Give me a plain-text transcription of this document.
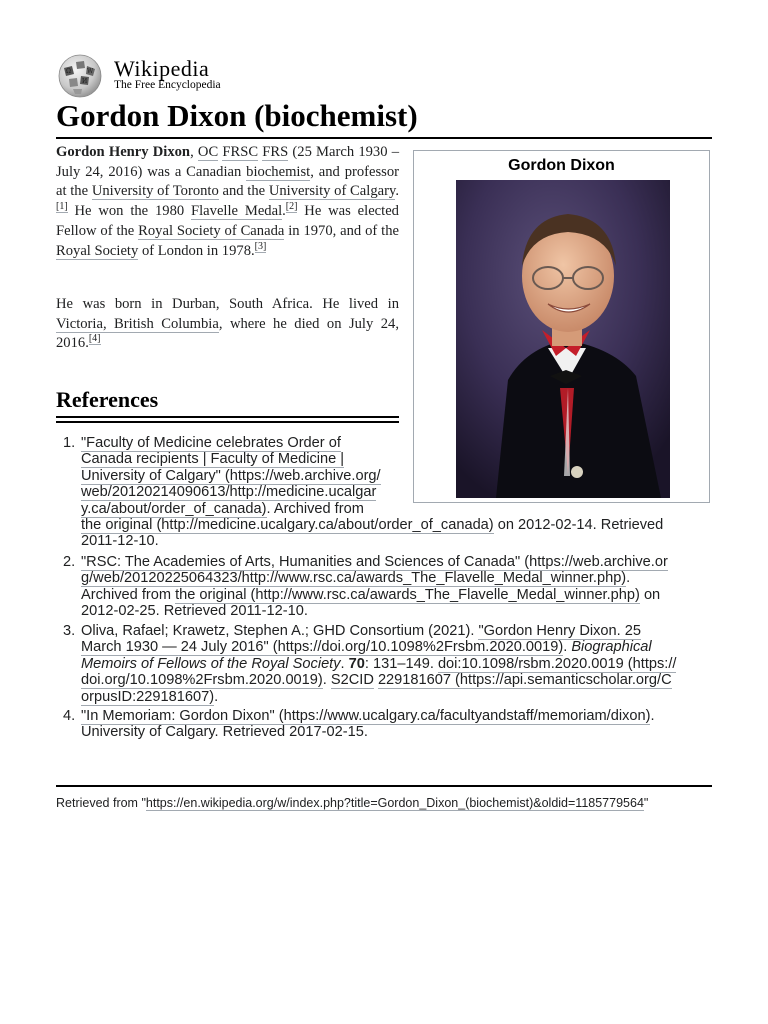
Ω	W
И
Wikipedia
The Free Encyclopedia
Gordon Dixon (biochemist)
Gordon Dixon

Gordon Henry Dixon, OC FRSC FRS (25 March 1930 – July 24, 2016) was a Canadian biochemist, and professor at the University of Toronto and the University of Calgary.[1] He won the 1980 Flavelle Medal.[2] He was elected Fellow of the Royal Society of Canada in 1970, and of the Royal Society of London in 1978.[3]

He was born in Durban, South Africa. He lived in Victoria, British Columbia, where he died on July 24, 2016.[4]

References
1. "Faculty of Medicine celebrates Order of
Canada recipients | Faculty of Medicine |
University of Calgary" (https://web.archive.org/
web/20120214090613/http://medicine.ucalgar
y.ca/about/order_of_canada). Archived from
the original (http://medicine.ucalgary.ca/about/order_of_canada) on 2012-02-14. Retrieved
2011-12-10.
2. "RSC: The Academies of Arts, Humanities and Sciences of Canada" (https://web.archive.or
g/web/20120225064323/http://www.rsc.ca/awards_The_Flavelle_Medal_winner.php).
Archived from the original (http://www.rsc.ca/awards_The_Flavelle_Medal_winner.php) on
2012-02-25. Retrieved 2011-12-10.
3. Oliva, Rafael; Krawetz, Stephen A.; GHD Consortium (2021). "Gordon Henry Dixon. 25
March 1930 — 24 July 2016" (https://doi.org/10.1098%2Frsbm.2020.0019). Biographical
Memoirs of Fellows of the Royal Society. 70: 131–149. doi:10.1098/rsbm.2020.0019 (https://
doi.org/10.1098%2Frsbm.2020.0019). S2CID 229181607 (https://api.semanticscholar.org/C
orpusID:229181607).
4. "In Memoriam: Gordon Dixon" (https://www.ucalgary.ca/facultyandstaff/memoriam/dixon).
University of Calgary. Retrieved 2017-02-15.
Retrieved from "https://en.wikipedia.org/w/index.php?title=Gordon_Dixon_(biochemist)&oldid=1185779564"
